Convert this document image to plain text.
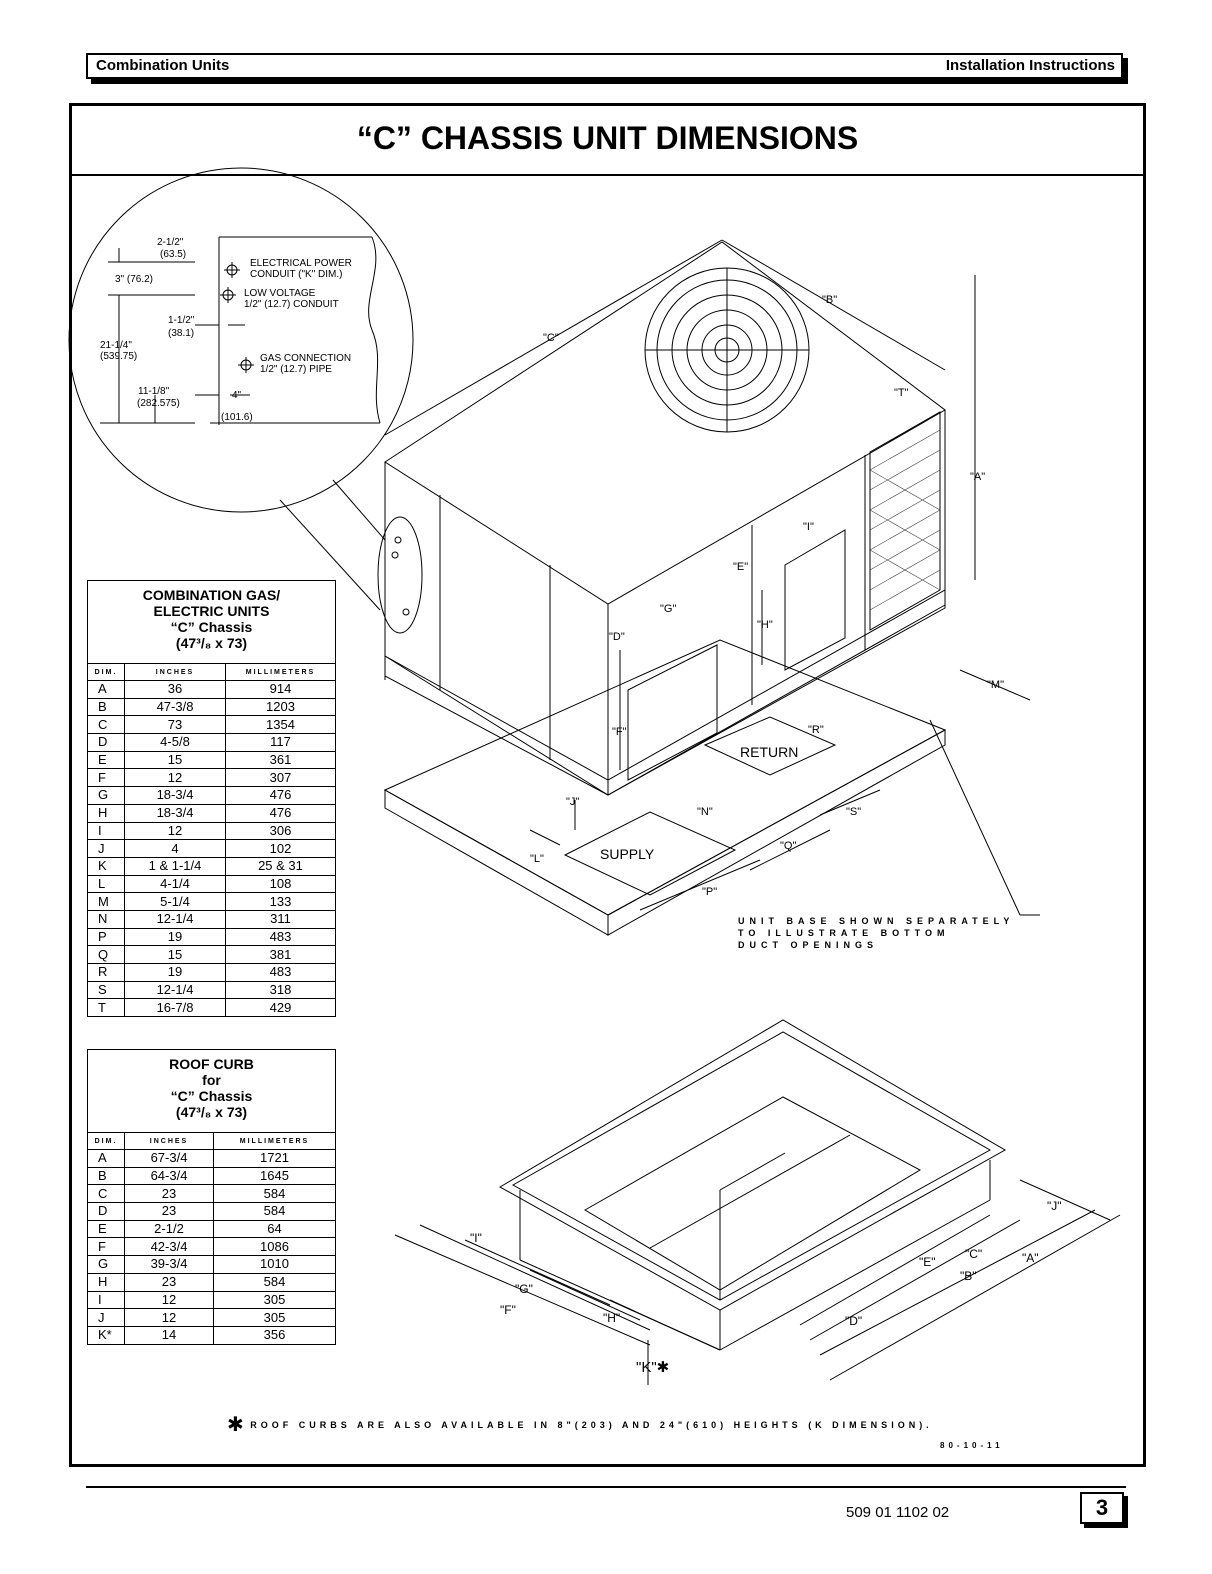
Combination Units	Installation Instructions
“C” CHASSIS UNIT DIMENSIONS
2-1/2"
(63.5)
3" (76.2)
1-1/2"
(38.1)
21-1/4"
(539.75)
11-1/8"
(282.575)
4"
(101.6)
ELECTRICAL POWER
CONDUIT ("K" DIM.)
LOW VOLTAGE
1/2" (12.7) CONDUIT
GAS CONNECTION
1/2" (12.7) PIPE
"B"
"C"
"T"
"A"
"I"
"E"
"G"
"D"
"H"
"F"
"M"
"R"
RETURN
"J"
"N"	"S"
"L"	SUPPLY	"Q"
"P"
UNIT BASE SHOWN SEPARATELY
TO ILLUSTRATE BOTTOM
DUCT OPENINGS
"J"
"I"
"C"	"A"
"E"
"B"
"G"
"F"
"H"	"D"
"K"✱
COMBINATION GAS/
ELECTRIC UNITS
“C” Chassis
(47³/₈ x 73)
DIM.	INCHES	MILLIMETERS
A	36	914
B	47-3/8	1203
C	73	1354
D	4-5/8	117
E	15	361
F	12	307
G	18-3/4	476
H	18-3/4	476
I	12	306
J	4	102
K	1 & 1-1/4	25 & 31
L	4-1/4	108
M	5-1/4	133
N	12-1/4	311
P	19	483
Q	15	381
R	19	483
S	12-1/4	318
T	16-7/8	429
ROOF CURB
for
“C” Chassis
(47³/₈ x 73)
DIM.	INCHES	MILLIMETERS
A	67-3/4	1721
B	64-3/4	1645
C	23	584
D	23	584
E	2-1/2	64
F	42-3/4	1086
G	39-3/4	1010
H	23	584
I	12	305
J	12	305
K*	14	356
✱ ROOF CURBS ARE ALSO AVAILABLE IN 8"(203) AND 24"(610) HEIGHTS (K DIMENSION).
80-10-11
509 01 1102 02	3
